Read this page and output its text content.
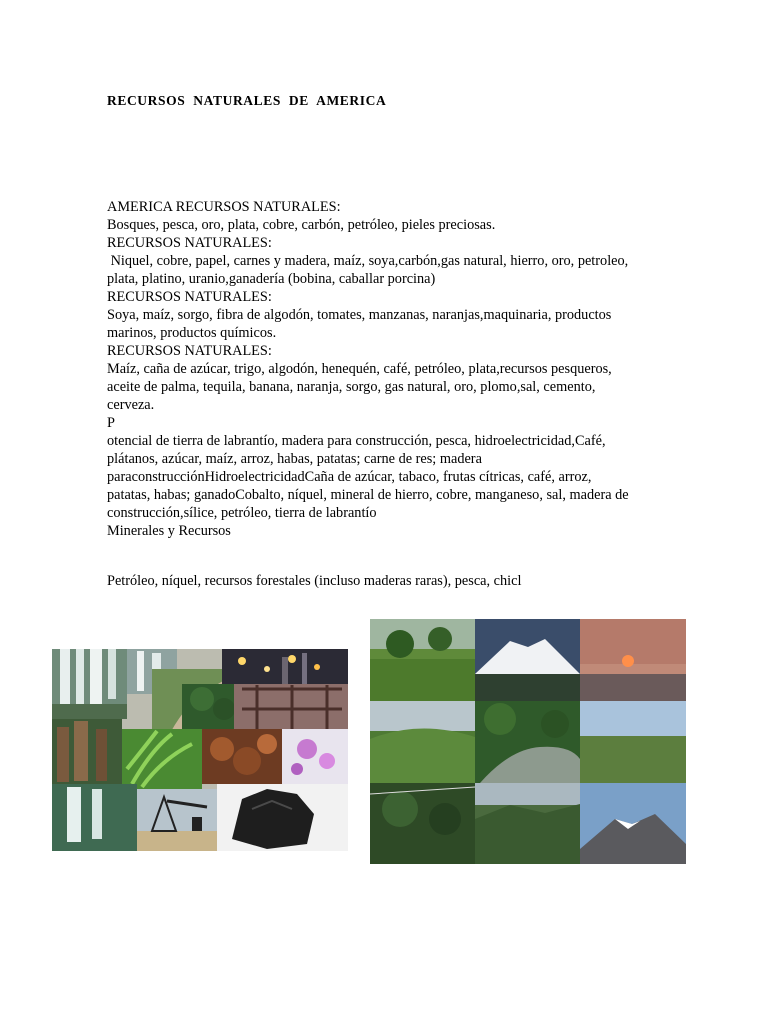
RECURSOS NATURALES DE AMERICA
AMERICA RECURSOS NATURALES:
Bosques, pesca, oro, plata, cobre, carbón, petróleo, pieles preciosas.
RECURSOS NATURALES:
Niquel, cobre, papel, carnes y madera, maíz, soya,carbón,gas natural, hierro, oro, petroleo,
plata, platino, uranio,ganadería (bobina, caballar porcina)
RECURSOS NATURALES:
Soya, maíz, sorgo, fibra de algodón, tomates, manzanas, naranjas,maquinaria, productos
marinos, productos químicos.
RECURSOS NATURALES:
Maíz, caña de azúcar, trigo, algodón, henequén, café, petróleo, plata,recursos pesqueros,
aceite de palma, tequila, banana, naranja, sorgo, gas natural, oro, plomo,sal, cemento,
cerveza.
P
otencial de tierra de labrantío, madera para construcción, pesca, hidroelectricidad,Café,
plátanos, azúcar, maíz, arroz, habas, patatas; carne de res; madera
paraconstrucciónHidroelectricidadCaña de azúcar, tabaco, frutas cítricas, café, arroz,
patatas, habas; ganadoCobalto, níquel, mineral de hierro, cobre, manganeso, sal, madera de
construcción,sílice, petróleo, tierra de labrantío
Minerales y Recursos
Petróleo, níquel, recursos forestales (incluso maderas raras), pesca, chicl
